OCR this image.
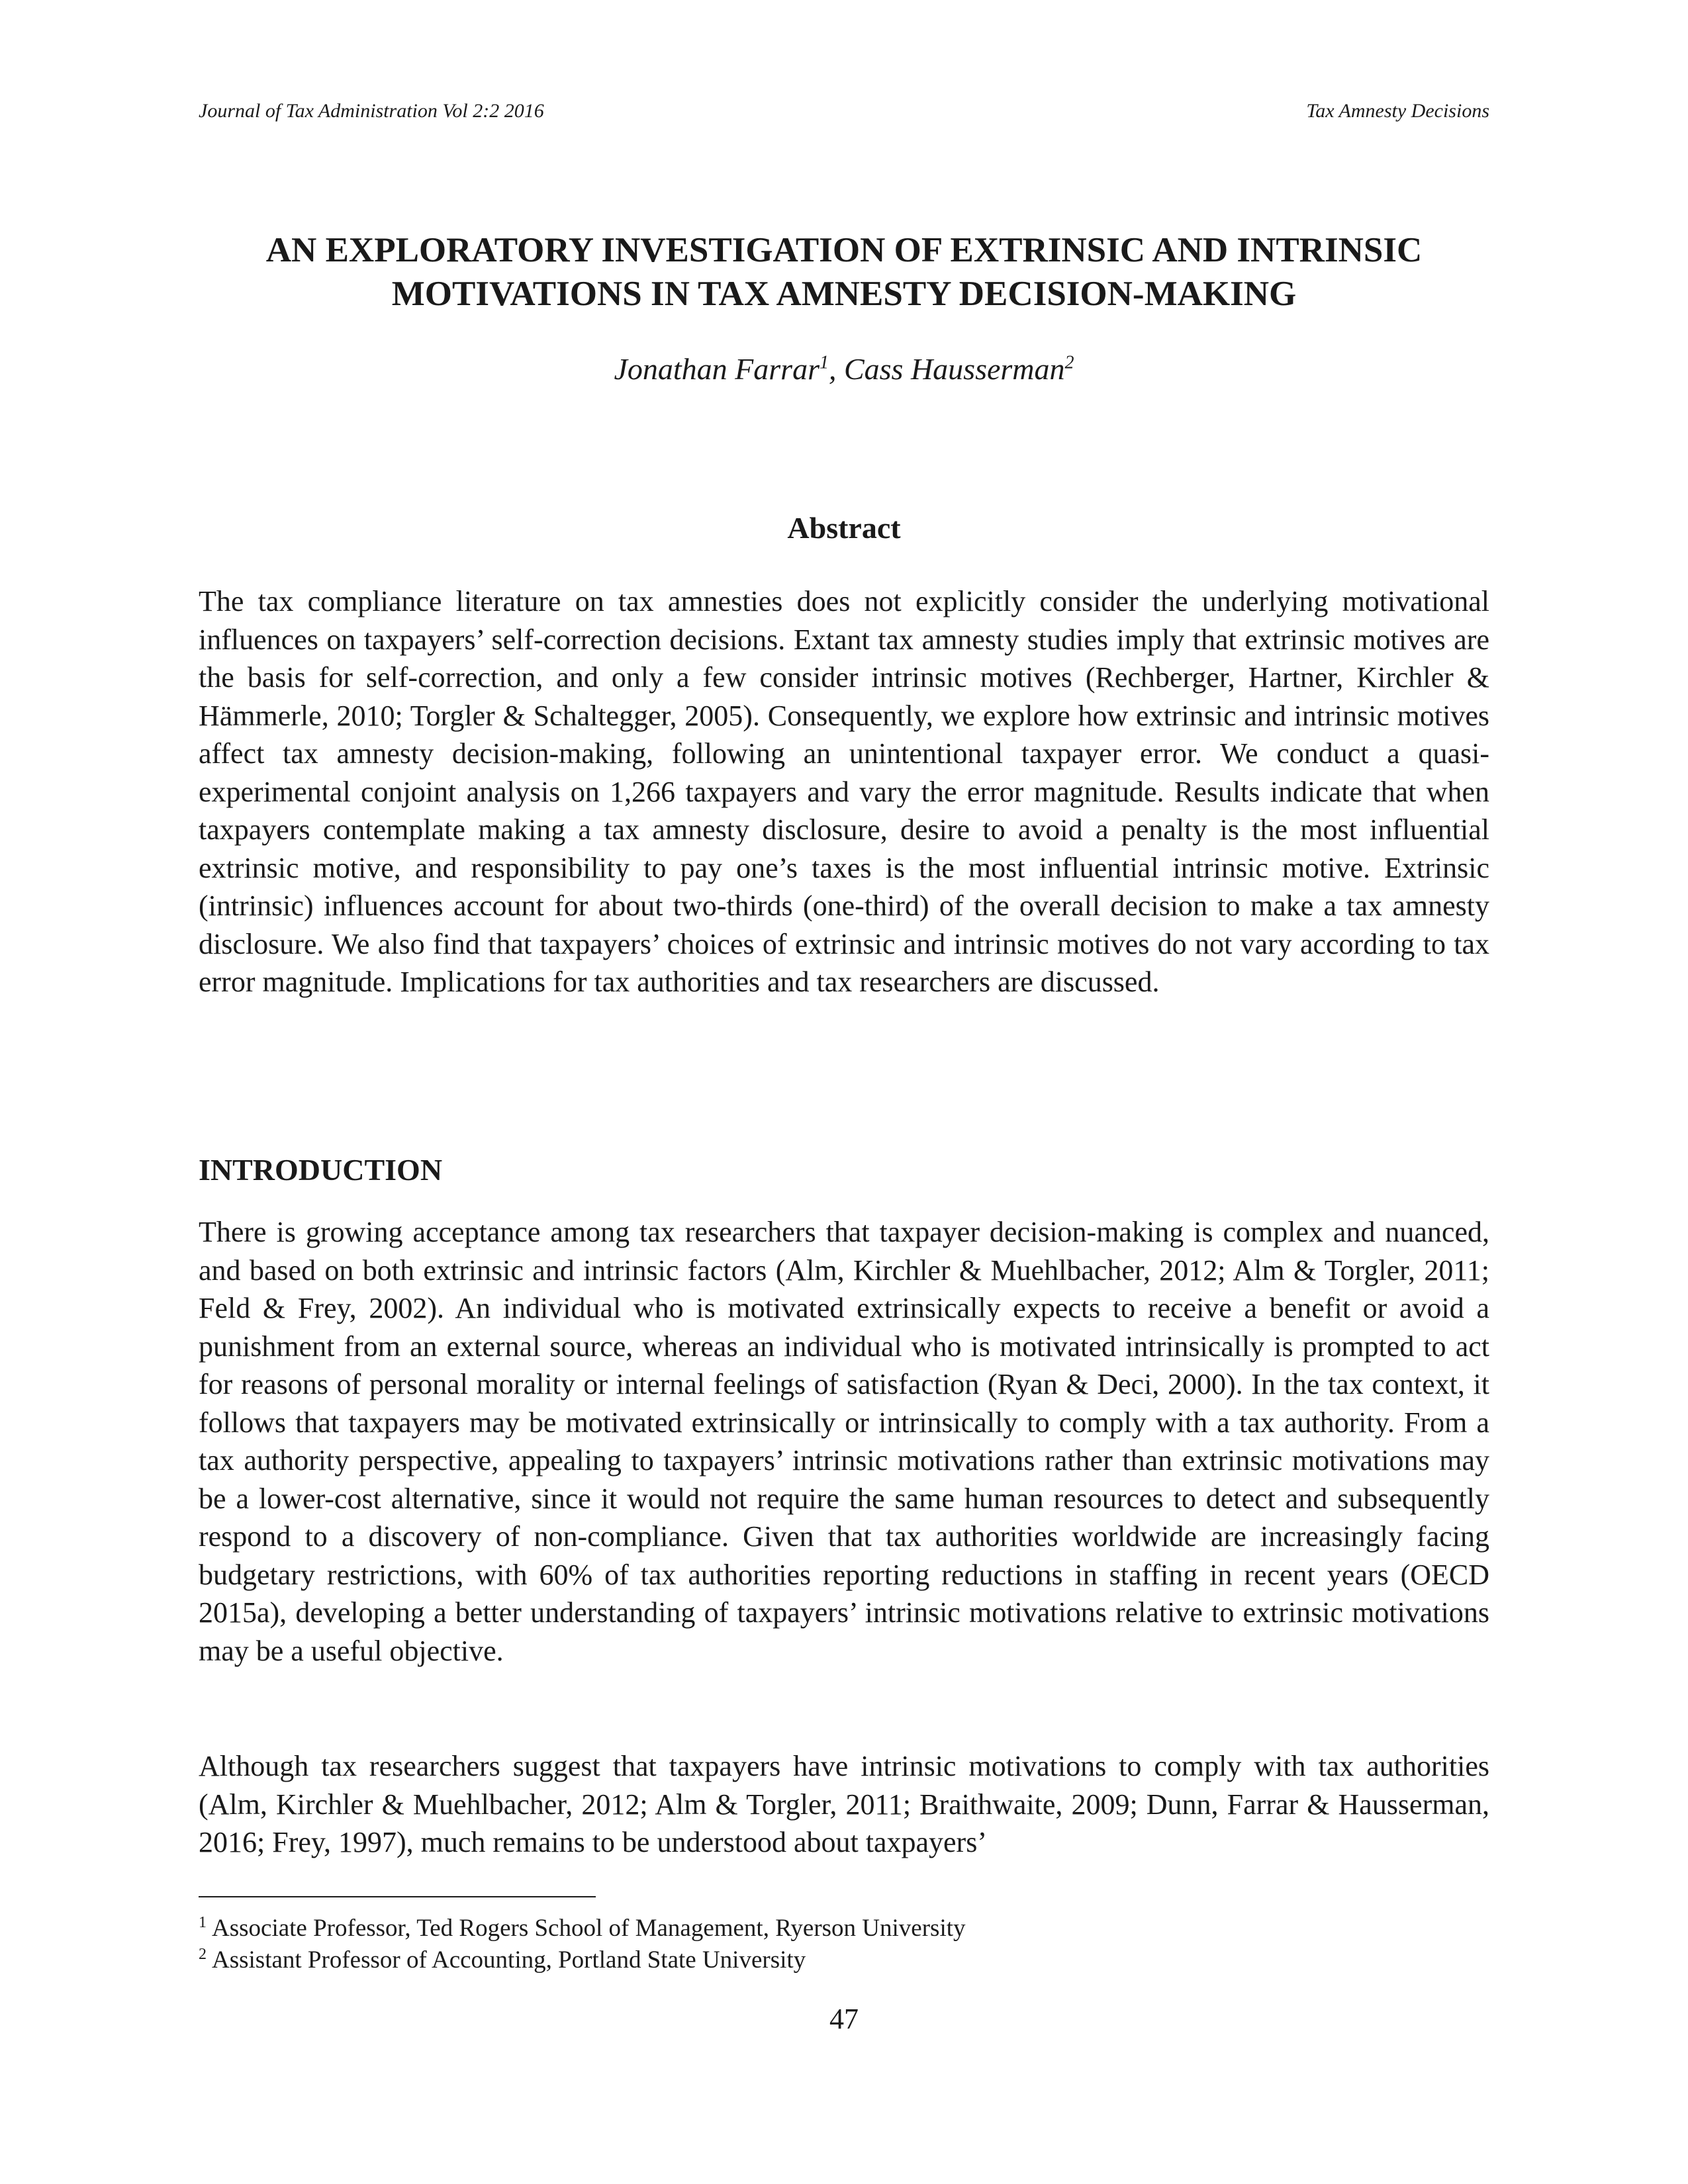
Journal of Tax Administration Vol 2:2 2016	Tax Amnesty Decisions
AN EXPLORATORY INVESTIGATION OF EXTRINSIC AND INTRINSIC
MOTIVATIONS IN TAX AMNESTY DECISION-MAKING
Jonathan Farrar$^1$, Cass Hausserman$^2$
Abstract

The tax compliance literature on tax amnesties does not explicitly consider the underlying motivational influences on taxpayers’ self-correction decisions. Extant tax amnesty studies imply that extrinsic motives are the basis for self-correction, and only a few consider intrinsic motives (Rechberger, Hartner, Kirchler & Hämmerle, 2010; Torgler & Schaltegger, 2005). Consequently, we explore how extrinsic and intrinsic motives affect tax amnesty decision-making, following an unintentional taxpayer error. We conduct a quasi-experimental conjoint analysis on 1,266 taxpayers and vary the error magnitude. Results indicate that when taxpayers contemplate making a tax amnesty disclosure, desire to avoid a penalty is the most influential extrinsic motive, and responsibility to pay one’s taxes is the most influential intrinsic motive. Extrinsic (intrinsic) influences account for about two-thirds (one-third) of the overall decision to make a tax amnesty disclosure. We also find that taxpayers’ choices of extrinsic and intrinsic motives do not vary according to tax error magnitude. Implications for tax authorities and tax researchers are discussed.

INTRODUCTION

There is growing acceptance among tax researchers that taxpayer decision-making is complex and nuanced, and based on both extrinsic and intrinsic factors (Alm, Kirchler & Muehlbacher, 2012; Alm & Torgler, 2011; Feld & Frey, 2002). An individual who is motivated extrinsically expects to receive a benefit or avoid a punishment from an external source, whereas an individual who is motivated intrinsically is prompted to act for reasons of personal morality or internal feelings of satisfaction (Ryan & Deci, 2000). In the tax context, it follows that taxpayers may be motivated extrinsically or intrinsically to comply with a tax authority. From a tax authority perspective, appealing to taxpayers’ intrinsic motivations rather than extrinsic motivations may be a lower-cost alternative, since it would not require the same human resources to detect and subsequently respond to a discovery of non-compliance. Given that tax authorities worldwide are increasingly facing budgetary restrictions, with 60% of tax authorities reporting reductions in staffing in recent years (OECD 2015a), developing a better understanding of taxpayers’ intrinsic motivations relative to extrinsic motivations may be a useful objective.

Although tax researchers suggest that taxpayers have intrinsic motivations to comply with tax authorities (Alm, Kirchler & Muehlbacher, 2012; Alm & Torgler, 2011; Braithwaite, 2009; Dunn, Farrar & Hausserman, 2016; Frey, 1997), much remains to be understood about taxpayers’

$^1$ Associate Professor, Ted Rogers School of Management, Ryerson University
$^2$ Assistant Professor of Accounting, Portland State University
47
